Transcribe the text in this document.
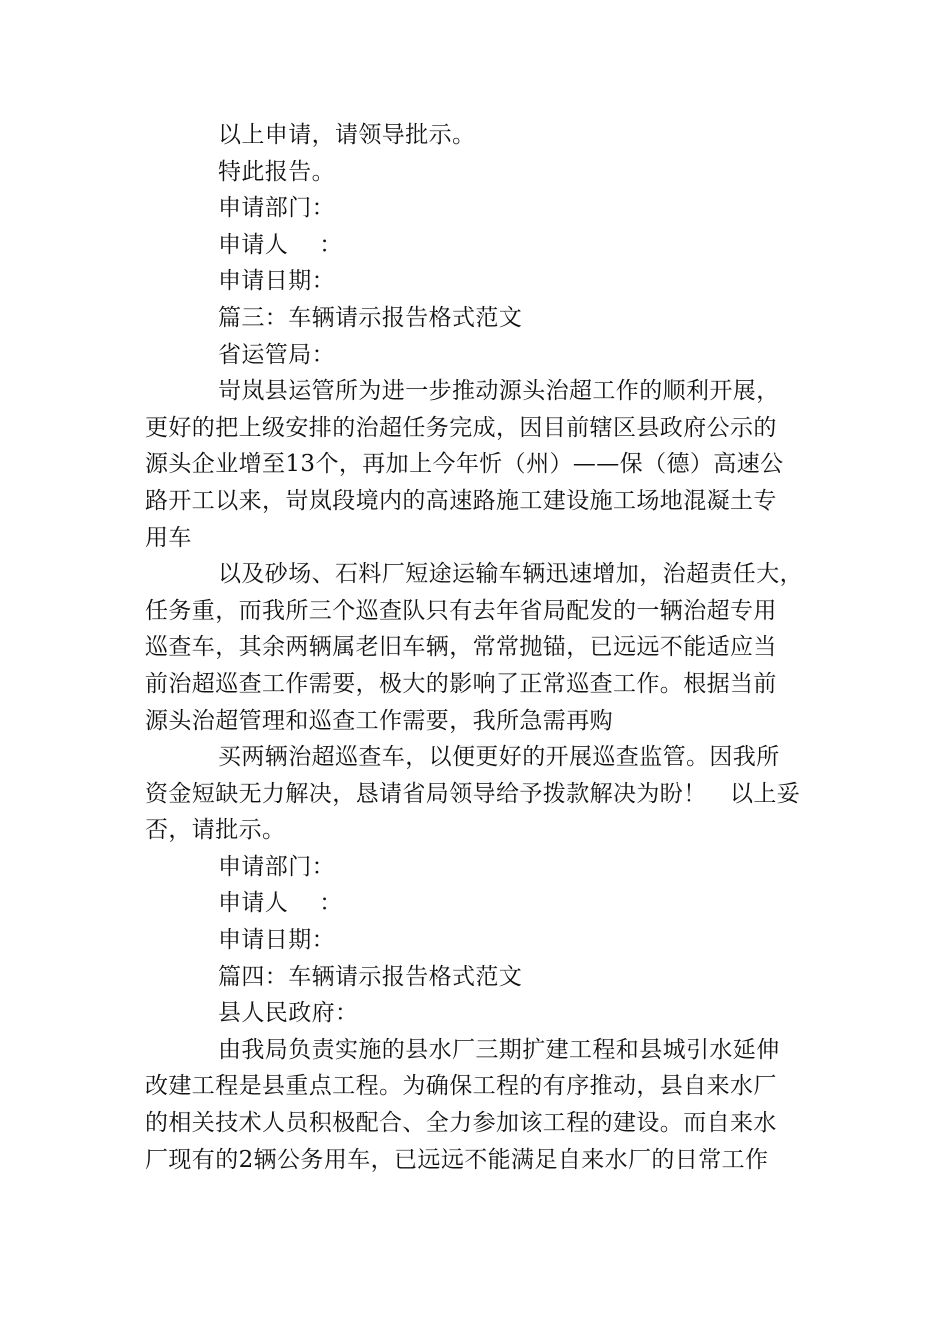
以上申请，请领导批示。
特此报告。
申请部门：
申请人　 ：
申请日期：
篇三：车辆请示报告格式范文
省运管局：
岢岚县运管所为进一步推动源头治超工作的顺利开展，
更好的把上级安排的治超任务完成，因目前辖区县政府公示的
源头企业增至13个，再加上今年忻（州）——保（德）高速公
路开工以来，岢岚段境内的高速路施工建设施工场地混凝土专
用车
以及砂场、石料厂短途运输车辆迅速增加，治超责任大，
任务重，而我所三个巡查队只有去年省局配发的一辆治超专用
巡查车，其余两辆属老旧车辆，常常抛锚，已远远不能适应当
前治超巡查工作需要，极大的影响了正常巡查工作。根据当前
源头治超管理和巡查工作需要，我所急需再购
买两辆治超巡查车，以便更好的开展巡查监管。因我所
资金短缺无力解决，恳请省局领导给予拨款解决为盼！　以上妥
否，请批示。
申请部门：
申请人　 ：
申请日期：
篇四：车辆请示报告格式范文
县人民政府：
由我局负责实施的县水厂三期扩建工程和县城引水延伸
改建工程是县重点工程。为确保工程的有序推动，县自来水厂
的相关技术人员积极配合、全力参加该工程的建设。而自来水
厂现有的2辆公务用车，已远远不能满足自来水厂的日常工作
